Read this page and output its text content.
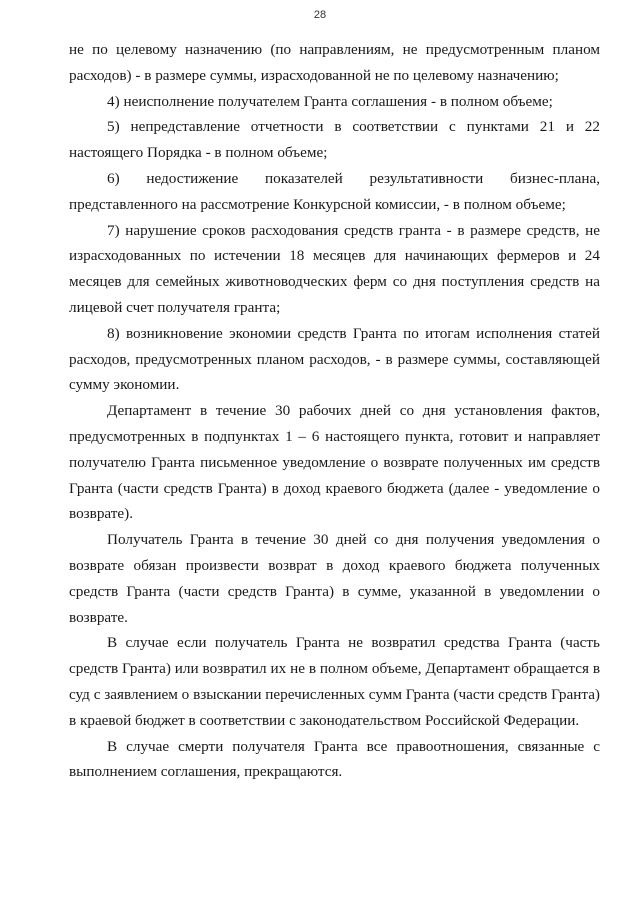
28

не по целевому назначению (по направлениям, не предусмотренным планом расходов) - в размере суммы, израсходованной не по целевому назначению;

4) неисполнение получателем Гранта соглашения - в полном объеме;

5) непредставление отчетности в соответствии с пунктами 21 и 22 настоящего Порядка - в полном объеме;

6) недостижение показателей результативности бизнес-плана, представленного на рассмотрение Конкурсной комиссии, - в полном объеме;

7) нарушение сроков расходования средств гранта - в размере средств, не израсходованных по истечении 18 месяцев для начинающих фермеров и 24 месяцев для семейных животноводческих ферм со дня поступления средств на лицевой счет получателя гранта;

8) возникновение экономии средств Гранта по итогам исполнения статей расходов, предусмотренных планом расходов, - в размере суммы, составляющей сумму экономии.

Департамент в течение 30 рабочих дней со дня установления фактов, предусмотренных в подпунктах 1 – 6 настоящего пункта, готовит и направляет получателю Гранта письменное уведомление о возврате полученных им средств Гранта (части средств Гранта) в доход краевого бюджета (далее - уведомление о возврате).

Получатель Гранта в течение 30 дней со дня получения уведомления о возврате обязан произвести возврат в доход краевого бюджета полученных средств Гранта (части средств Гранта) в сумме, указанной в уведомлении о возврате.

В случае если получатель Гранта не возвратил средства Гранта (часть средств Гранта) или возвратил их не в полном объеме, Департамент обращается в суд с заявлением о взыскании перечисленных сумм Гранта (части средств Гранта) в краевой бюджет в соответствии с законодательством Российской Федерации.

В случае смерти получателя Гранта все правоотношения, связанные с выполнением соглашения, прекращаются.
